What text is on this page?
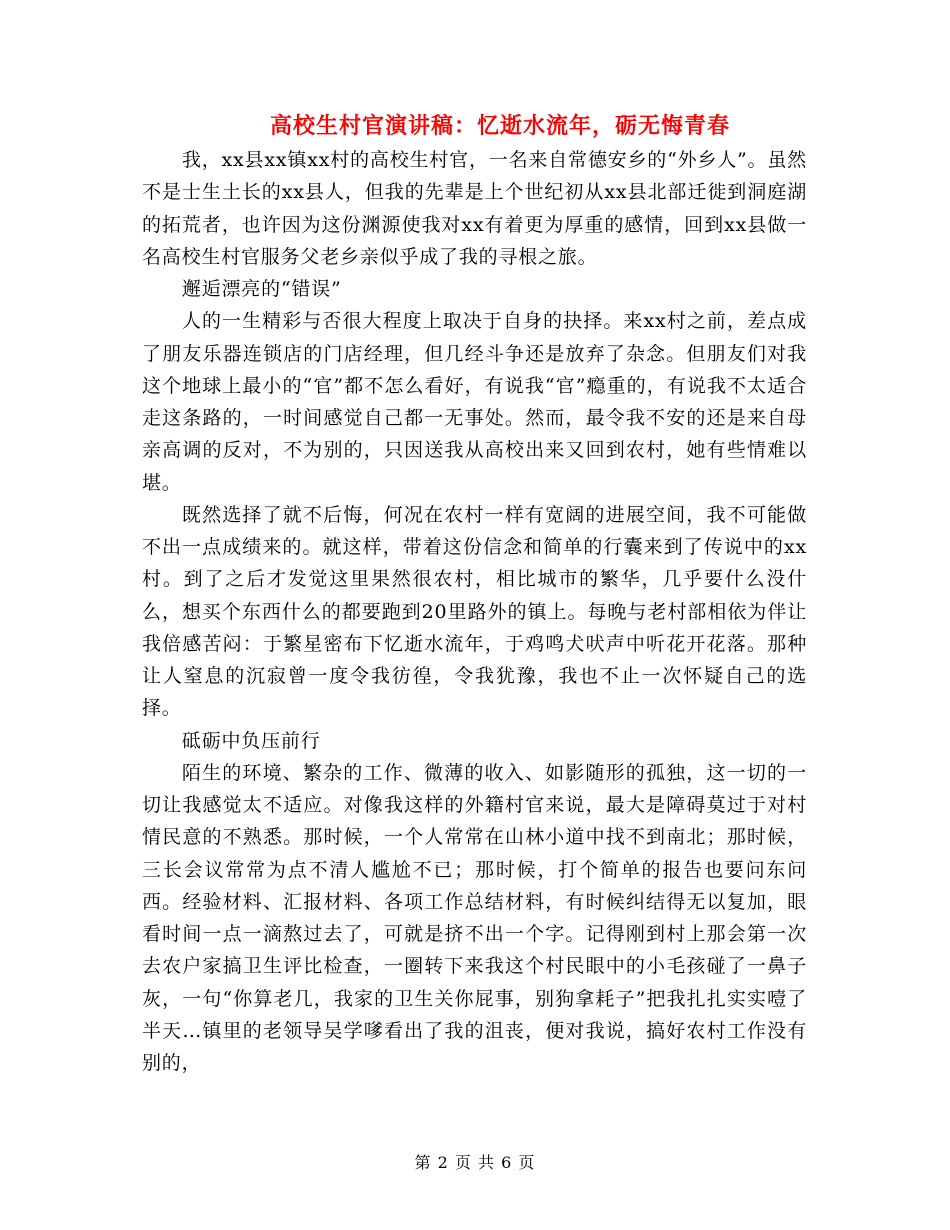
高校生村官演讲稿：忆逝水流年，砺无悔青春

我，xx县xx镇xx村的高校生村官，一名来自常德安乡的“外乡人”。虽然不是士生土长的xx县人，但我的先辈是上个世纪初从xx县北部迁徙到洞庭湖的拓荒者，也许因为这份渊源使我对xx有着更为厚重的感情，回到xx县做一名高校生村官服务父老乡亲似乎成了我的寻根之旅。

邂逅漂亮的“错误”

人的一生精彩与否很大程度上取决于自身的抉择。来xx村之前，差点成了朋友乐器连锁店的门店经理，但几经斗争还是放弃了杂念。但朋友们对我这个地球上最小的“官”都不怎么看好，有说我“官”瘾重的，有说我不太适合走这条路的，一时间感觉自己都一无事处。然而，最令我不安的还是来自母亲高调的反对，不为别的，只因送我从高校出来又回到农村，她有些情难以堪。

既然选择了就不后悔，何况在农村一样有宽阔的进展空间，我不可能做不出一点成绩来的。就这样，带着这份信念和简单的行囊来到了传说中的xx村。到了之后才发觉这里果然很农村，相比城市的繁华，几乎要什么没什么，想买个东西什么的都要跑到20里路外的镇上。每晚与老村部相依为伴让我倍感苦闷：于繁星密布下忆逝水流年，于鸡鸣犬吠声中听花开花落。那种让人窒息的沉寂曾一度令我彷徨，令我犹豫，我也不止一次怀疑自己的选择。

砥砺中负压前行

陌生的环境、繁杂的工作、微薄的收入、如影随形的孤独，这一切的一切让我感觉太不适应。对像我这样的外籍村官来说，最大是障碍莫过于对村情民意的不熟悉。那时候，一个人常常在山林小道中找不到南北；那时候，三长会议常常为点不清人尴尬不已；那时候，打个简单的报告也要问东问西。经验材料、汇报材料、各项工作总结材料，有时候纠结得无以复加，眼看时间一点一滴熬过去了，可就是挤不出一个字。记得刚到村上那会第一次去农户家搞卫生评比检查，一圈转下来我这个村民眼中的小毛孩碰了一鼻子灰，一句“你算老几，我家的卫生关你屁事，别狗拿耗子”把我扎扎实实噎了半天…镇里的老领导吴学嗲看出了我的沮丧，便对我说，搞好农村工作没有别的，

第 2 页 共 6 页
